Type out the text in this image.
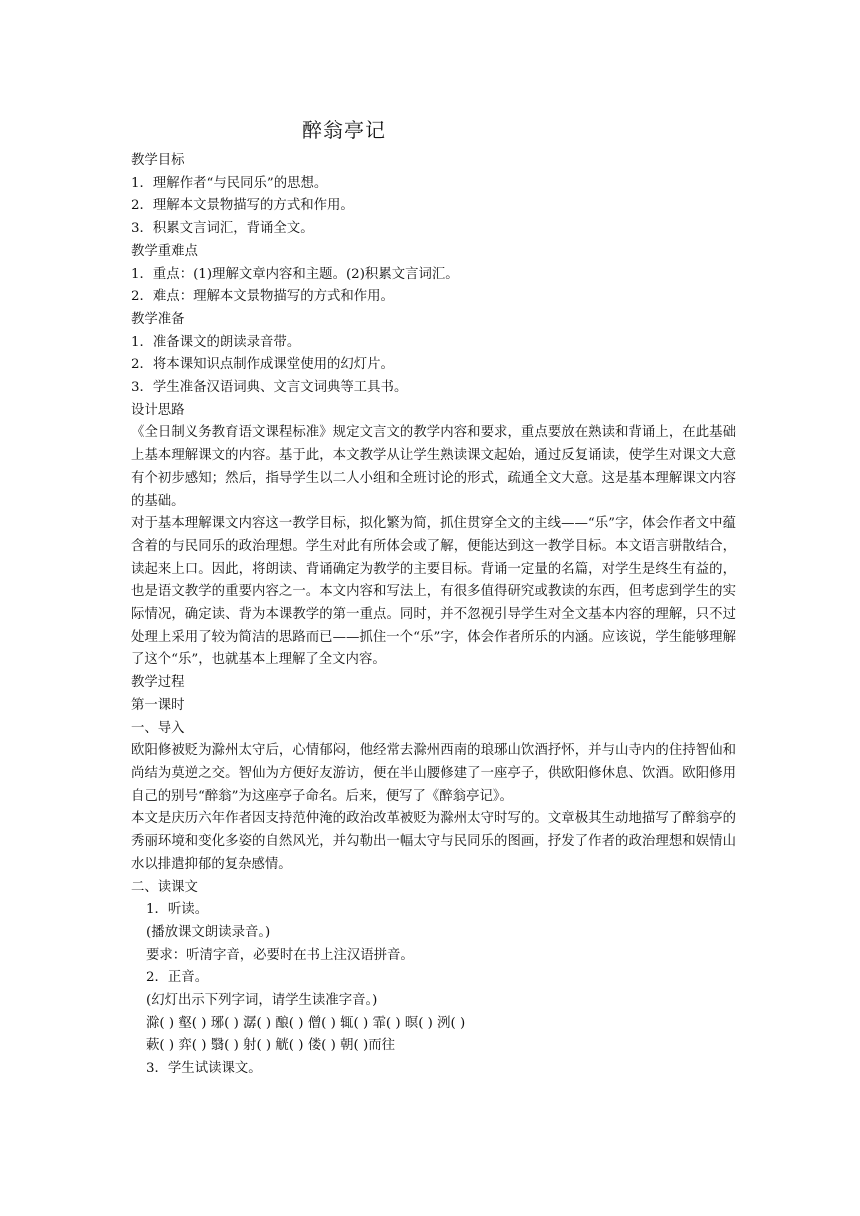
醉翁亭记
教学目标
1．理解作者“与民同乐”的思想。
2．理解本文景物描写的方式和作用。
3．积累文言词汇，背诵全文。
教学重难点
1．重点：(1)理解文章内容和主题。(2)积累文言词汇。
2．难点：理解本文景物描写的方式和作用。
教学准备
1．准备课文的朗读录音带。
2．将本课知识点制作成课堂使用的幻灯片。
3．学生准备汉语词典、文言文词典等工具书。
设计思路
《全日制义务教育语文课程标准》规定文言文的教学内容和要求，重点要放在熟读和背诵上，在此基础上基本理解课文的内容。基于此，本文教学从让学生熟读课文起始，通过反复诵读，使学生对课文大意有个初步感知；然后，指导学生以二人小组和全班讨论的形式，疏通全文大意。这是基本理解课文内容的基础。
对于基本理解课文内容这一教学目标，拟化繁为简，抓住贯穿全文的主线——“乐”字，体会作者文中蕴含着的与民同乐的政治理想。学生对此有所体会或了解，便能达到这一教学目标。本文语言骈散结合，读起来上口。因此，将朗读、背诵确定为教学的主要目标。背诵一定量的名篇，对学生是终生有益的，也是语文教学的重要内容之一。本文内容和写法上，有很多值得研究或教读的东西，但考虑到学生的实际情况，确定读、背为本课教学的第一重点。同时，并不忽视引导学生对全文基本内容的理解，只不过处理上采用了较为简洁的思路而已——抓住一个“乐”字，体会作者所乐的内涵。应该说，学生能够理解了这个“乐”，也就基本上理解了全文内容。
教学过程
第一课时
一、导入
欧阳修被贬为滁州太守后，心情郁闷，他经常去滁州西南的琅琊山饮酒抒怀，并与山寺内的住持智仙和尚结为莫逆之交。智仙为方便好友游访，便在半山腰修建了一座亭子，供欧阳修休息、饮酒。欧阳修用自己的别号“醉翁”为这座亭子命名。后来，便写了《醉翁亭记》。
本文是庆历六年作者因支持范仲淹的政治改革被贬为滁州太守时写的。文章极其生动地描写了醉翁亭的秀丽环境和变化多姿的自然风光，并勾勒出一幅太守与民同乐的图画，抒发了作者的政治理想和娱情山水以排遣抑郁的复杂感情。
二、读课文
1．听读。
(播放课文朗读录音。)
要求：听清字音，必要时在书上注汉语拼音。
2．正音。
(幻灯出示下列字词，请学生读准字音。)
滁( ) 壑( ) 琊( ) 潺( ) 酿( ) 僧( ) 辄( ) 霏( ) 暝( ) 洌( )
蔌( ) 弈( ) 翳( ) 射( ) 觥( ) 偻( ) 朝( )而往
3．学生试读课文。
